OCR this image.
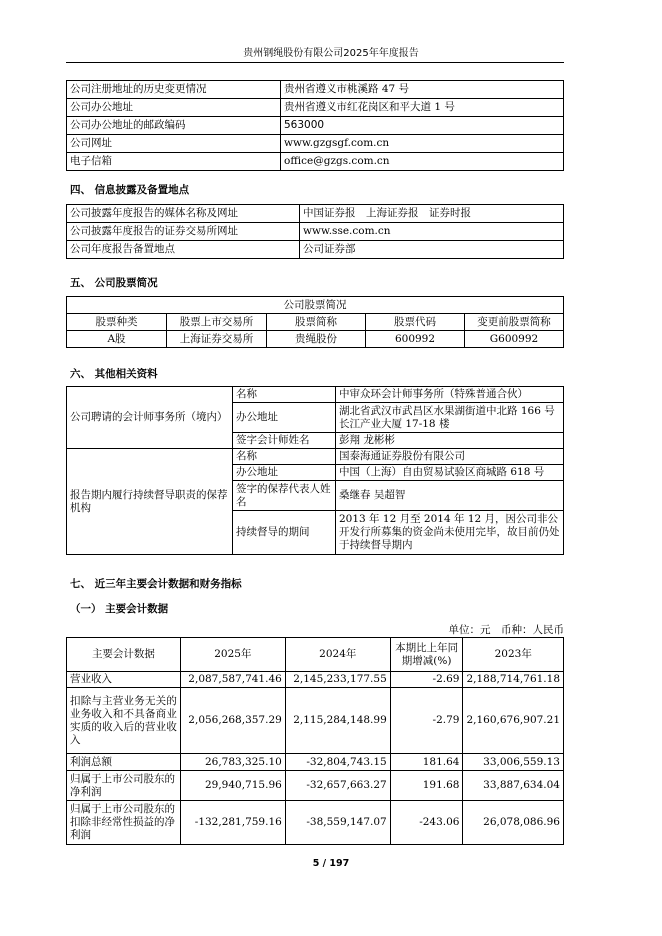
贵州钢绳股份有限公司2025年年度报告
公司注册地址的历史变更情况	贵州省遵义市桃溪路 47 号
公司办公地址	贵州省遵义市红花岗区和平大道 1 号
公司办公地址的邮政编码	563000
公司网址	www.gzgsgf.com.cn
电子信箱	office@gzgs.com.cn
四、 信息披露及备置地点
公司披露年度报告的媒体名称及网址	中国证券报　上海证券报　证券时报
公司披露年度报告的证券交易所网址	www.sse.com.cn
公司年度报告备置地点	公司证券部
五、 公司股票简况
公司股票简况				
股票种类	股票上市交易所	股票简称	股票代码	变更前股票简称
A股	上海证券交易所	贵绳股份	600992	G600992
六、 其他相关资料
公司聘请的会计师事务所（境内）	名称	中审众环会计师事务所（特殊普通合伙）
	办公地址	湖北省武汉市武昌区水果湖街道中北路 166 号长江产业大厦 17-18 楼
	签字会计师姓名	彭翔 龙彬彬
报告期内履行持续督导职责的保荐机构	名称	国泰海通证券股份有限公司
	办公地址	中国（上海）自由贸易试验区商城路 618 号
	签字的保荐代表人姓名	桑继春 吴超智
	持续督导的期间	2013 年 12 月至 2014 年 12 月，因公司非公开发行所募集的资金尚未使用完毕，故目前仍处于持续督导期内
七、 近三年主要会计数据和财务指标
（一） 主要会计数据
单位：元　币种：人民币
主要会计数据	2025年	2024年	本期比上年同期增减(%)	2023年
营业收入	2,087,587,741.46	2,145,233,177.55	-2.69	2,188,714,761.18
扣除与主营业务无关的业务收入和不具备商业实质的收入后的营业收入	2,056,268,357.29	2,115,284,148.99	-2.79	2,160,676,907.21
利润总额	26,783,325.10	-32,804,743.15	181.64	33,006,559.13
归属于上市公司股东的净利润	29,940,715.96	-32,657,663.27	191.68	33,887,634.04
归属于上市公司股东的扣除非经常性损益的净利润	-132,281,759.16	-38,559,147.07	-243.06	26,078,086.96
5 / 197
